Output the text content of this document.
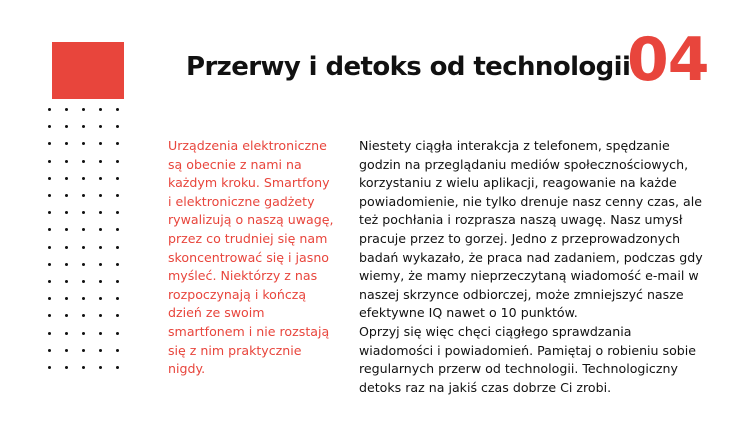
Przerwy i detoks od technologii
04
Urządzenia elektroniczne
są obecnie z nami na
każdym kroku. Smartfony
i elektroniczne gadżety
rywalizują o naszą uwagę,
przez co trudniej się nam
skoncentrować się i jasno
myśleć. Niektórzy z nas
rozpoczynają i kończą
dzień ze swoim
smartfonem i nie rozstają
się z nim praktycznie
nigdy.
Niestety ciągła interakcja z telefonem, spędzanie
godzin na przeglądaniu mediów społecznościowych,
korzystaniu z wielu aplikacji, reagowanie na każde
powiadomienie, nie tylko drenuje nasz cenny czas, ale
też pochłania i rozprasza naszą uwagę. Nasz umysł
pracuje przez to gorzej. Jedno z przeprowadzonych
badań wykazało, że praca nad zadaniem, podczas gdy
wiemy, że mamy nieprzeczytaną wiadomość e-mail w
naszej skrzynce odbiorczej, może zmniejszyć nasze
efektywne IQ nawet o 10 punktów.
Oprzyj się więc chęci ciągłego sprawdzania
wiadomości i powiadomień. Pamiętaj o robieniu sobie
regularnych przerw od technologii. Technologiczny
detoks raz na jakiś czas dobrze Ci zrobi.
